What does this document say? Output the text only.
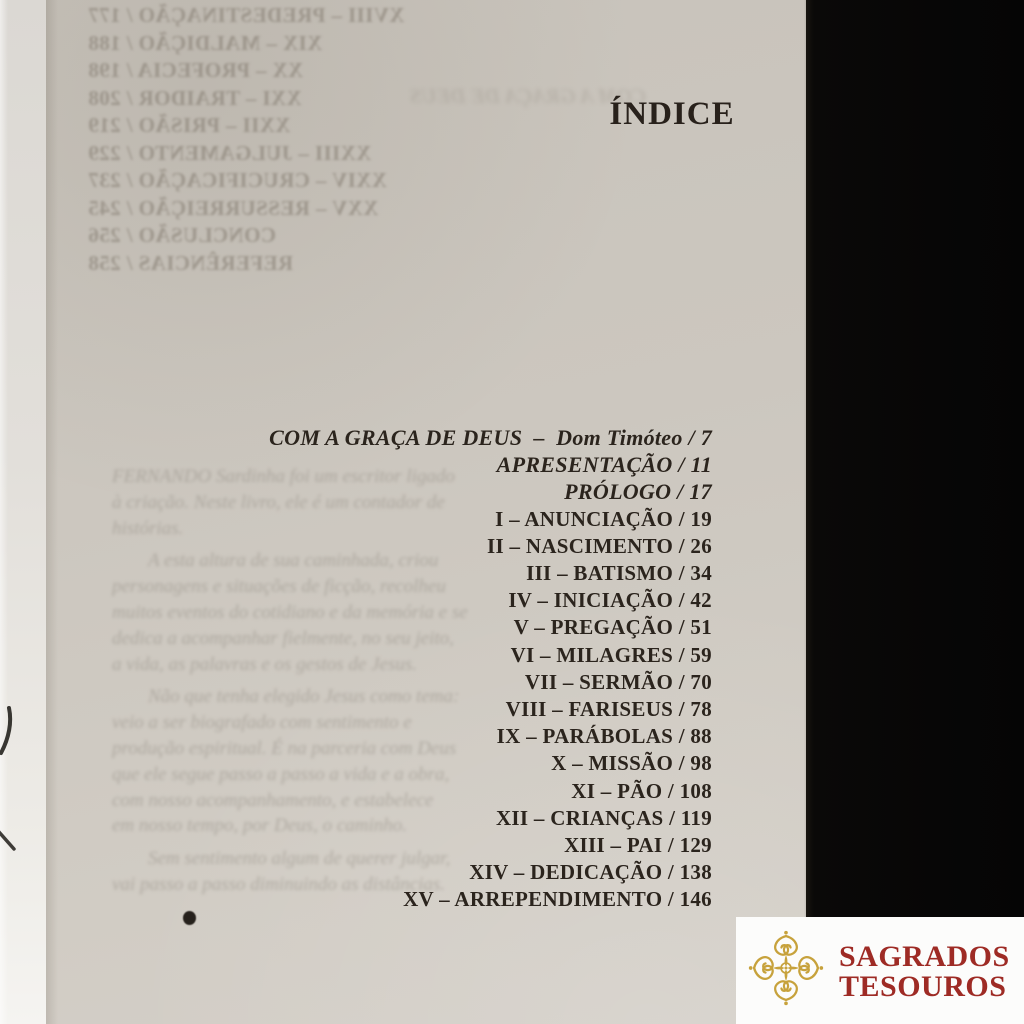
XVIII – PREDESTINAÇÃO / 177
XIX – MALDIÇÃO / 188
XX – PROFECIA / 198
XXI – TRAIDOR / 208
XXII – PRISÃO / 219
XXIII – JULGAMENTO / 229
XXIV – CRUCIFICAÇÃO / 237
XXV – RESSURREIÇÃO / 245
CONCLUSÃO / 256
REFERÊNCIAS / 258
COM A GRAÇA DE DEUS
ÍNDICE
FERNANDO Sardinha foi um escritor ligado
à criação. Neste livro, ele é um contador de
histórias.
A esta altura de sua caminhada, criou
personagens e situações de ficção, recolheu
muitos eventos do cotidiano e da memória e se
dedica a acompanhar fielmente, no seu jeito,
a vida, as palavras e os gestos de Jesus.
Não que tenha elegido Jesus como tema:
veio a ser biografado com sentimento e
produção espiritual. É na parceria com Deus
que ele segue passo a passo a vida e a obra,
com nosso acompanhamento, e estabelece
em nosso tempo, por Deus, o caminho.
Sem sentimento algum de querer julgar,
vai passo a passo diminuindo as distâncias.
COM A GRAÇA DE DEUS – Dom Timóteo / 7
APRESENTAÇÃO / 11
PRÓLOGO / 17
I – ANUNCIAÇÃO / 19
II – NASCIMENTO / 26
III – BATISMO / 34
IV – INICIAÇÃO / 42
V – PREGAÇÃO / 51
VI – MILAGRES / 59
VII – SERMÃO / 70
VIII – FARISEUS / 78
IX – PARÁBOLAS / 88
X – MISSÃO / 98
XI – PÃO / 108
XII – CRIANÇAS / 119
XIII – PAI / 129
XIV – DEDICAÇÃO / 138
XV – ARREPENDIMENTO / 146
SAGRADOS
TESOUROS
